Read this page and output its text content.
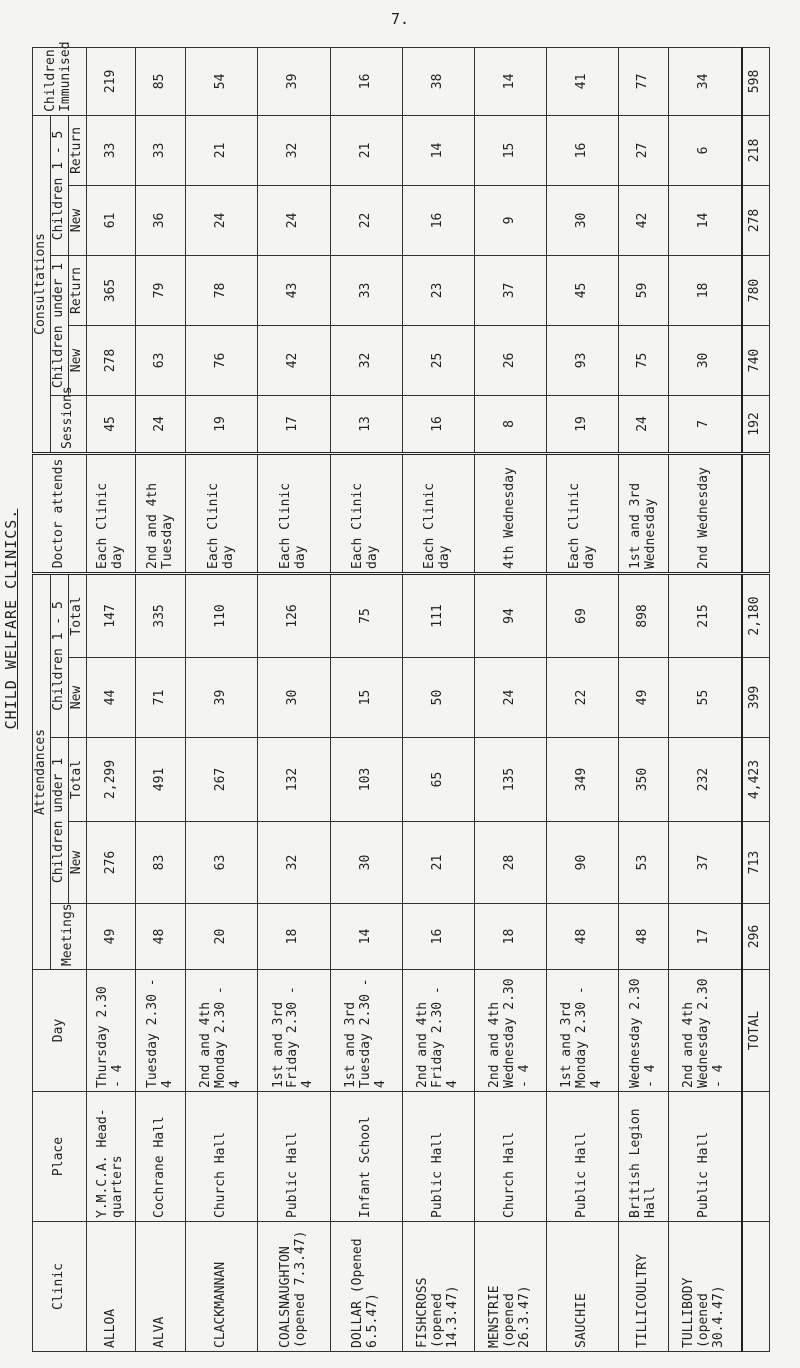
7.
CHILD WELFARE CLINICS.
Clinic	Place	Day	Attendances					Doctor attends	Consultations					Children Immunised
			Meetings	Children under 1		Children 1 - 5			Sessions	Children under 1		Children 1 - 5		
				New	Total	New	Total			New	Return	New	Return	
ALLOA	Y.M.C.A. Head-quarters	Thursday 2.30 - 4	49	276	2,299	44	147	Each Clinic day	45	278	365	61	33	219
ALVA	Cochrane Hall	Tuesday 2.30 - 4	48	83	491	71	335	2nd and 4th Tuesday	24	63	79	36	33	85
CLACKMANNAN	Church Hall	2nd and 4th Monday 2.30 - 4	20	63	267	39	110	Each Clinic day	19	76	78	24	21	54
COALSNAUGHTON (opened 7.3.47)	Public Hall	1st and 3rd Friday 2.30 - 4	18	32	132	30	126	Each Clinic day	17	42	43	24	32	39
DOLLAR (Opened 6.5.47)	Infant School	1st and 3rd Tuesday 2.30 - 4	14	30	103	15	75	Each Clinic day	13	32	33	22	21	16
FISHCROSS (opened 14.3.47)	Public Hall	2nd and 4th Friday 2.30 - 4	16	21	65	50	111	Each Clinic day	16	25	23	16	14	38
MENSTRIE (opened 26.3.47)	Church Hall	2nd and 4th Wednesday 2.30 - 4	18	28	135	24	94	4th Wednesday	8	26	37	9	15	14
SAUCHIE	Public Hall	1st and 3rd Monday 2.30 - 4	48	90	349	22	69	Each Clinic day	19	93	45	30	16	41
TILLICOULTRY	British Legion Hall	Wednesday 2.30 - 4	48	53	350	49	898	1st and 3rd Wednesday	24	75	59	42	27	77
TULLIBODY (opened 30.4.47)	Public Hall	2nd and 4th Wednesday 2.30 - 4	17	37	232	55	215	2nd Wednesday	7	30	18	14	6	34
		TOTAL	296	713	4,423	399	2,180		192	740	780	278	218	598
